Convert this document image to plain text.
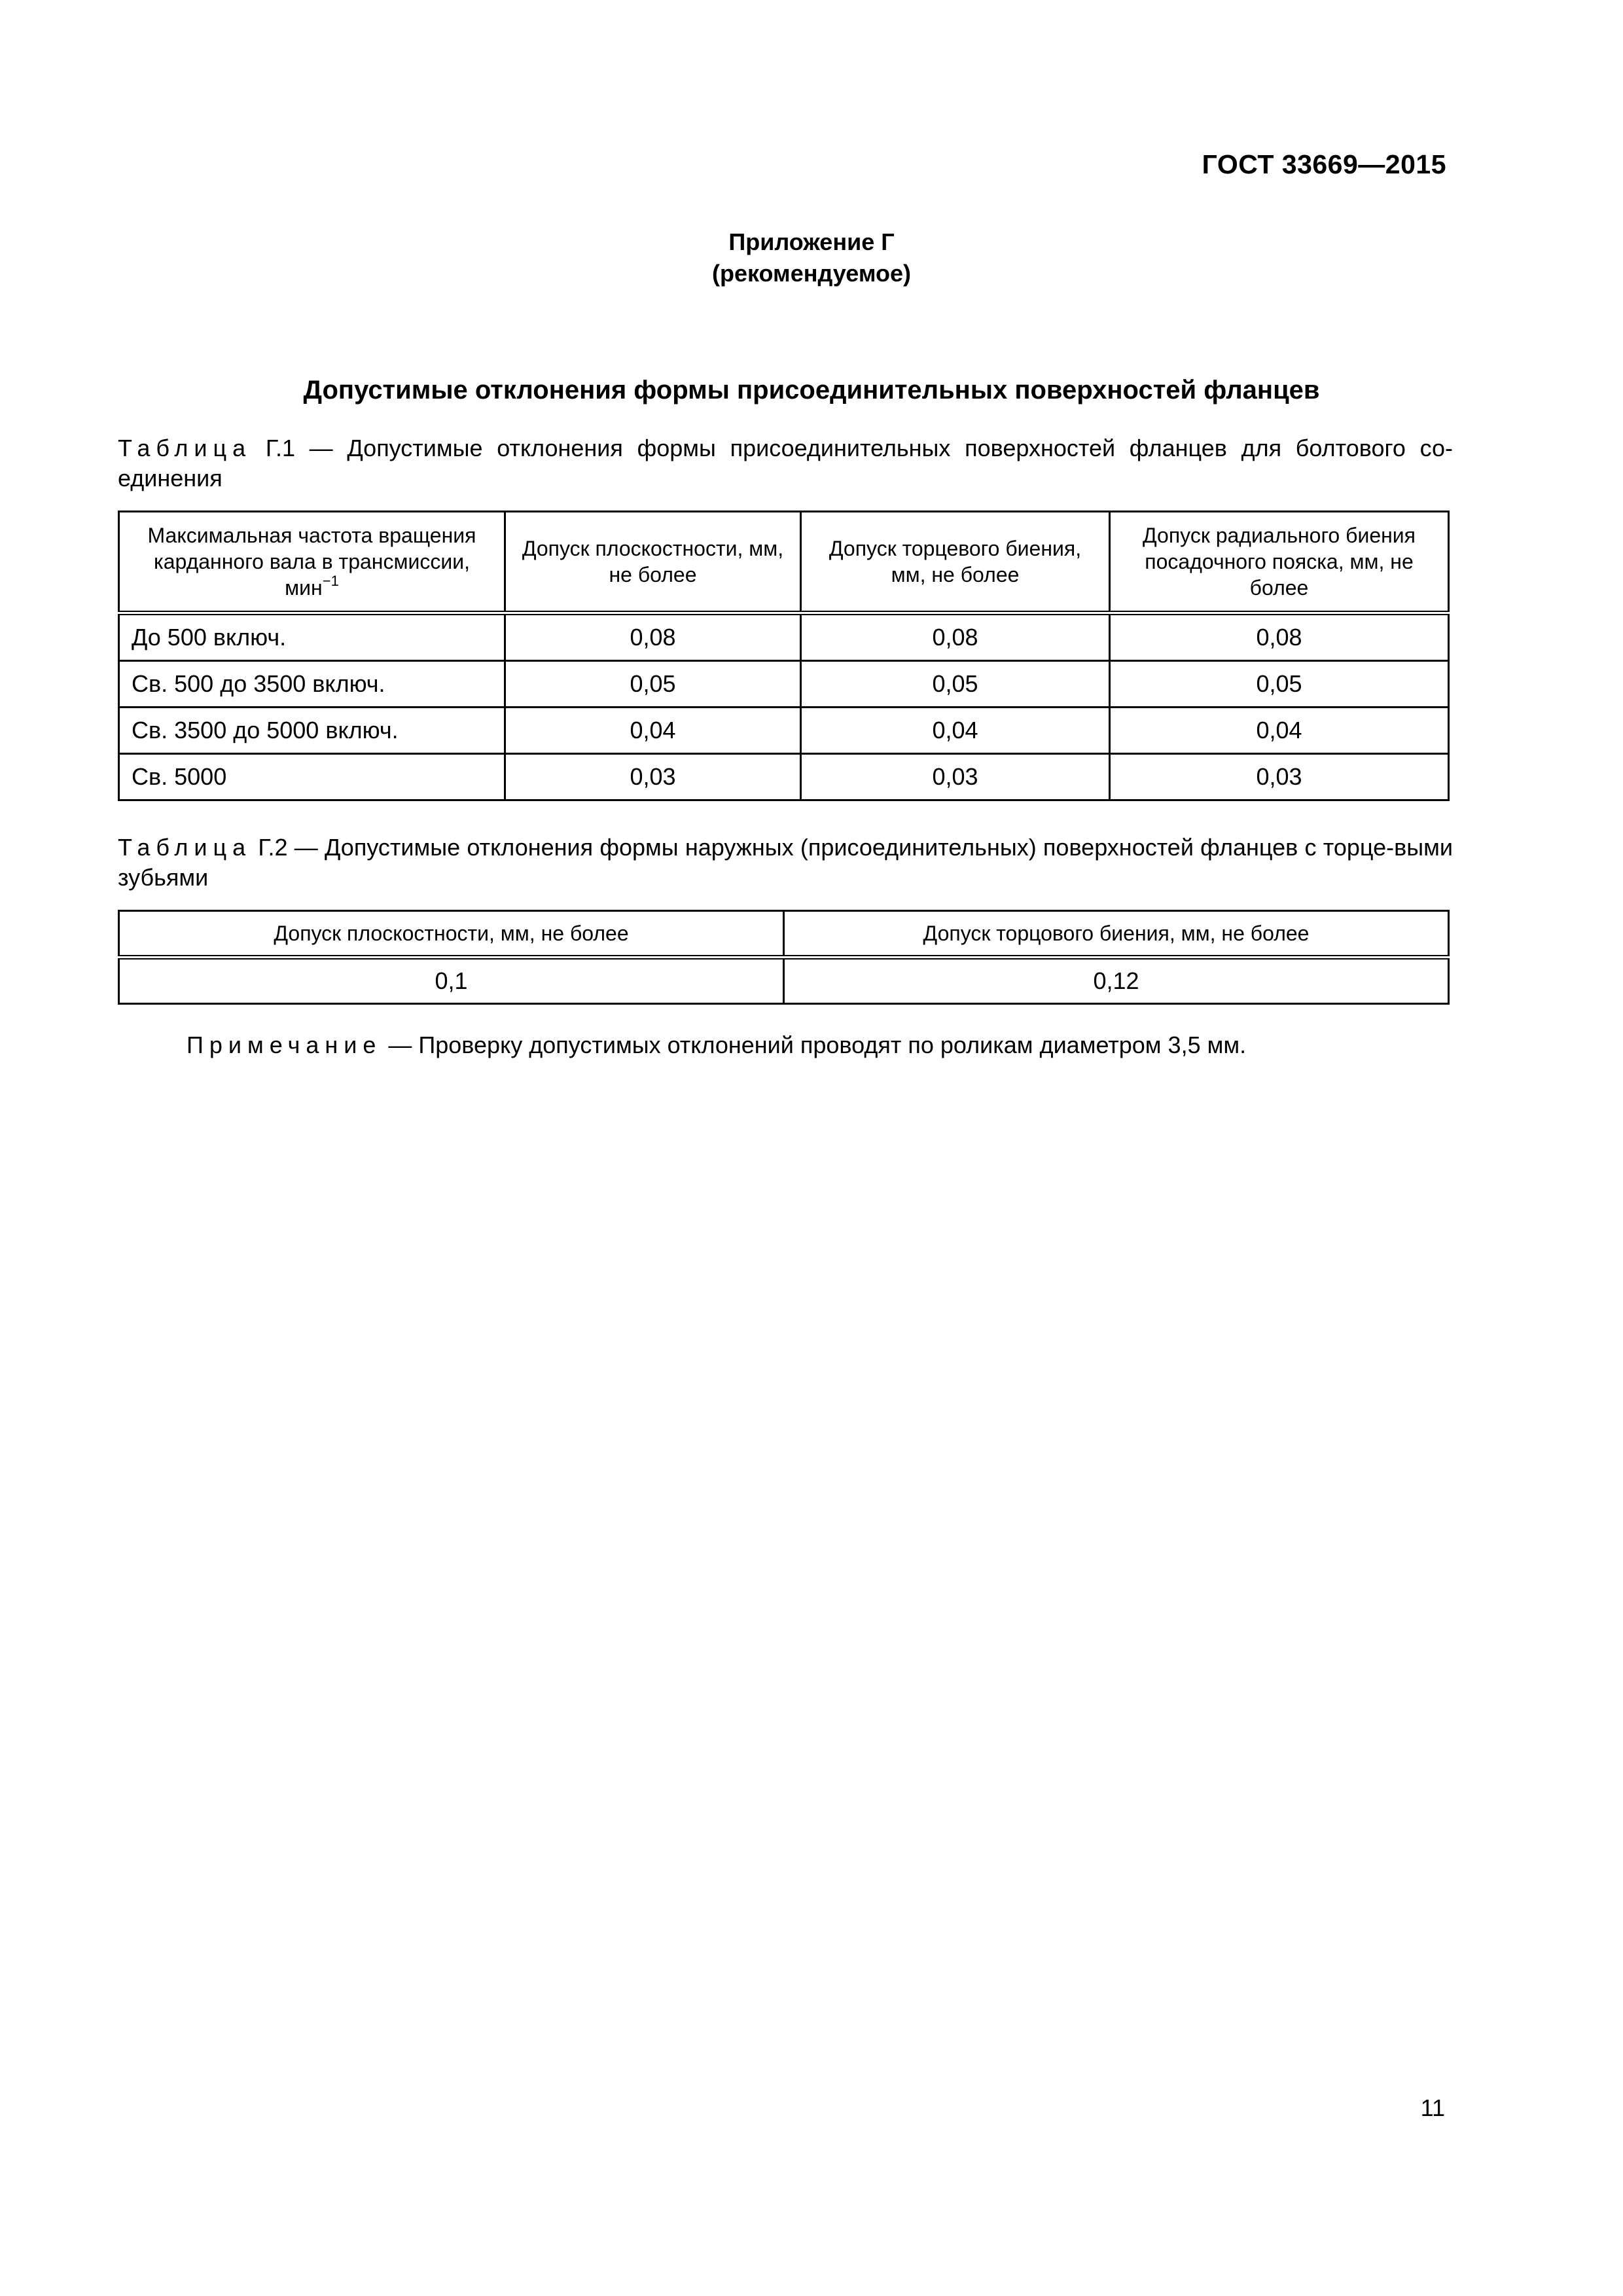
ГОСТ 33669—2015
Приложение Г
(рекомендуемое)
Допустимые отклонения формы присоединительных поверхностей фланцев
Таблица Г.1 — Допустимые отклонения формы присоединительных поверхностей фланцев для болтового со-единения
Максимальная частота вращения карданного вала в трансмиссии, мин$^{-1}$	Допуск плоскостности, мм, не более	Допуск торцевого биения, мм, не более	Допуск радиального биения посадочного пояска, мм, не более
До 500 включ.	0,08	0,08	0,08
Св. 500 до 3500 включ.	0,05	0,05	0,05
Св. 3500 до 5000 включ.	0,04	0,04	0,04
Св. 5000	0,03	0,03	0,03
Таблица Г.2 — Допустимые отклонения формы наружных (присоединительных) поверхностей фланцев с торце-выми зубьями
Допуск плоскостности, мм, не более	Допуск торцового биения, мм, не более
0,1	0,12
Примечание — Проверку допустимых отклонений проводят по роликам диаметром 3,5 мм.
11
